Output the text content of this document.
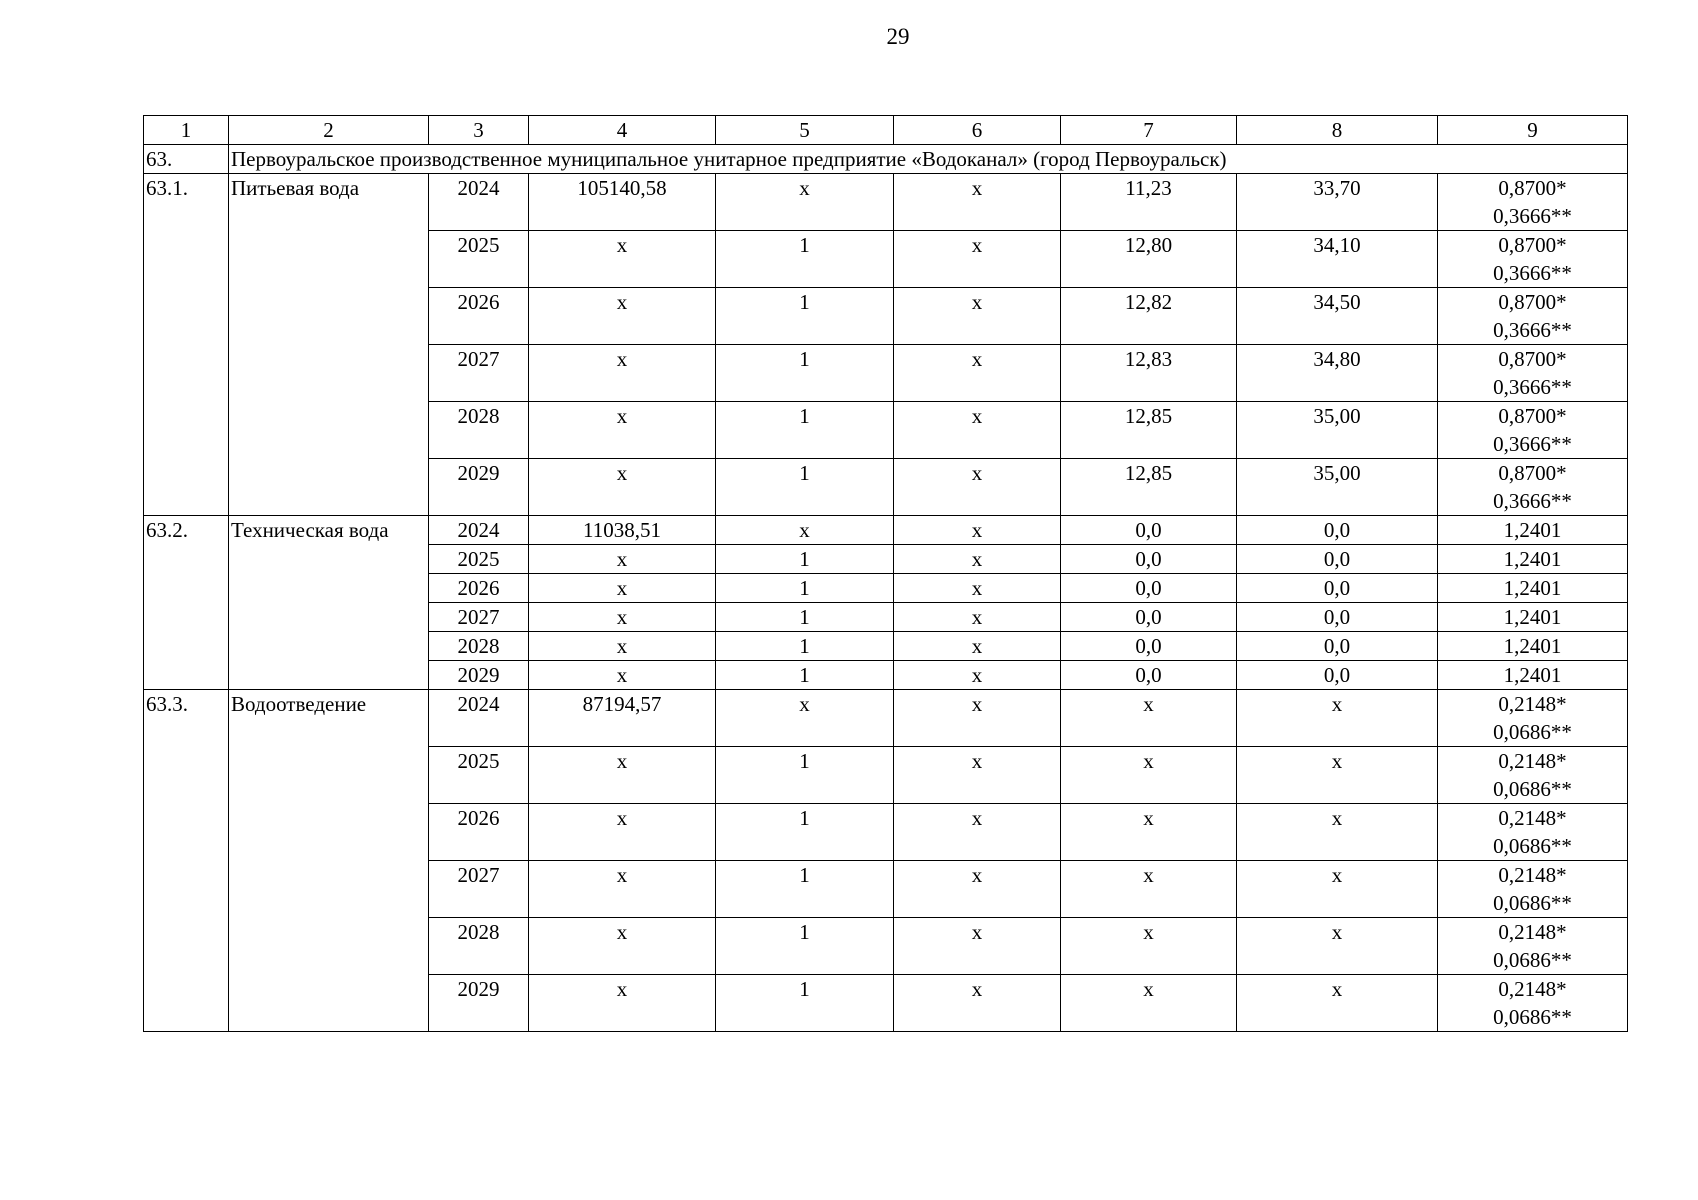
29
1	2	3	4	5	6	7	8	9
63.	Первоуральское производственное муниципальное унитарное предприятие «Водоканал» (город Первоуральск)							
63.1.	Питьевая вода	2024	105140,58	х	х	11,23	33,70	0,8700*
0,3666**

		2025	х	1	х	12,80	34,10	0,8700*
0,3666**

		2026	х	1	х	12,82	34,50	0,8700*
0,3666**

		2027	х	1	х	12,83	34,80	0,8700*
0,3666**

		2028	х	1	х	12,85	35,00	0,8700*
0,3666**

		2029	х	1	х	12,85	35,00	0,8700*
0,3666**

63.2.	Техническая вода	2024	11038,51	х	х	0,0	0,0	1,2401

		2025	х	1	х	0,0	0,0	1,2401

		2026	х	1	х	0,0	0,0	1,2401

		2027	х	1	х	0,0	0,0	1,2401

		2028	х	1	х	0,0	0,0	1,2401

		2029	х	1	х	0,0	0,0	1,2401

63.3.	Водоотведение	2024	87194,57	х	х	х	х	0,2148*
0,0686**

		2025	х	1	х	х	х	0,2148*
0,0686**

		2026	х	1	х	х	х	0,2148*
0,0686**

		2027	х	1	х	х	х	0,2148*
0,0686**

		2028	х	1	х	х	х	0,2148*
0,0686**

		2029	х	1	х	х	х	0,2148*
0,0686**
